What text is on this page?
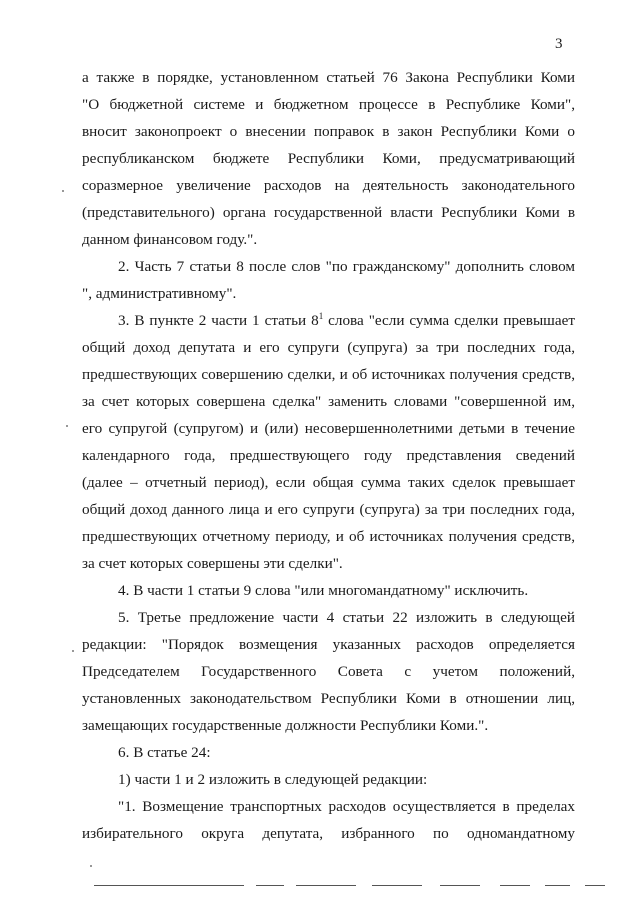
3
а также в порядке, установленном статьей 76 Закона Республики Коми
"О бюджетной системе и бюджетном процессе в Республике Коми",
вносит законопроект о внесении поправок в закон Республики Коми о
республиканском бюджете Республики Коми, предусматривающий
соразмерное увеличение расходов на деятельность законодательного
(представительного) органа государственной власти Республики Коми в
данном финансовом году.".
2. Часть 7 статьи 8 после слов "по гражданскому" дополнить словом
", административному".
3. В пункте 2 части 1 статьи $8^1$ слова "если сумма сделки превышает
общий доход депутата и его супруги (супруга) за три последних года,
предшествующих совершению сделки, и об источниках получения средств,
за счет которых совершена сделка" заменить словами "совершенной им,
его супругой (супругом) и (или) несовершеннолетними детьми в течение
календарного года, предшествующего году представления сведений
(далее – отчетный период), если общая сумма таких сделок превышает
общий доход данного лица и его супруги (супруга) за три последних года,
предшествующих отчетному периоду, и об источниках получения средств,
за счет которых совершены эти сделки".
4. В части 1 статьи 9 слова "или многомандатному" исключить.
5. Третье предложение части 4 статьи 22 изложить в следующей
редакции: "Порядок возмещения указанных расходов определяется
Председателем Государственного Совета с учетом положений,
установленных законодательством Республики Коми в отношении лиц,
замещающих государственные должности Республики Коми.".
6. В статье 24:
1) части 1 и 2 изложить в следующей редакции:
"1. Возмещение транспортных расходов осуществляется в пределах
избирательного округа депутата, избранного по одномандатному
